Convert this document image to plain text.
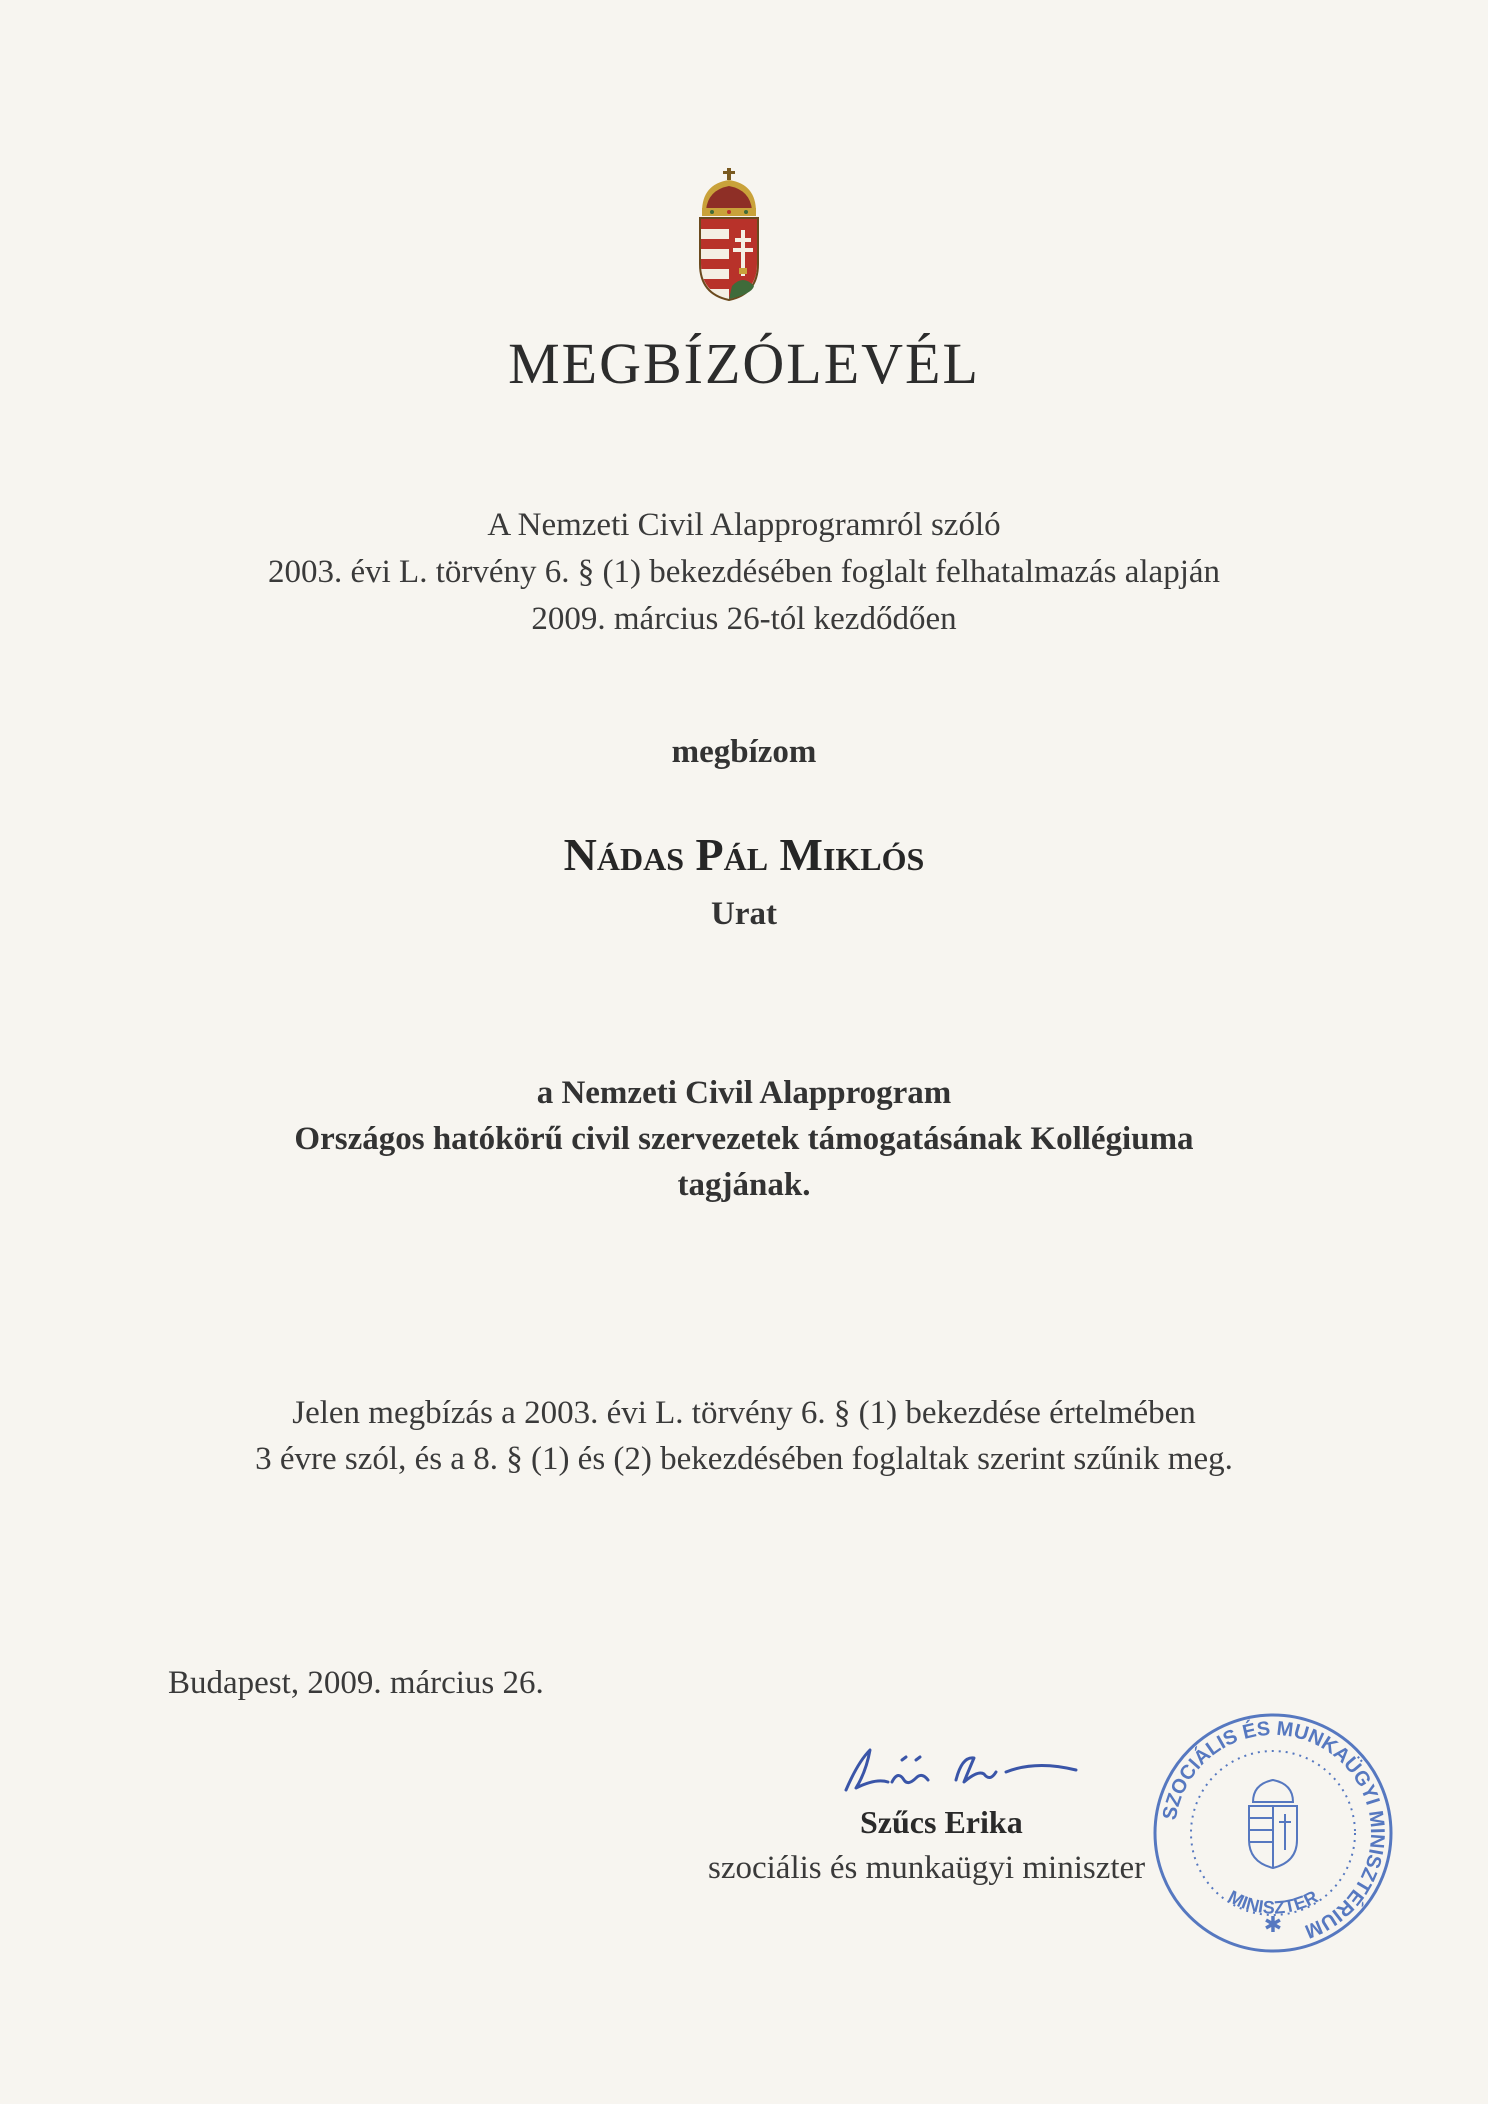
MEGBÍZÓLEVÉL
A Nemzeti Civil Alapprogramról szóló
2003. évi L. törvény 6. § (1) bekezdésében foglalt felhatalmazás alapján
2009. március 26-tól kezdődően
megbízom
Nádas Pál Miklós
Urat
a Nemzeti Civil Alapprogram
Országos hatókörű civil szervezetek támogatásának Kollégiuma
tagjának.
Jelen megbízás a 2003. évi L. törvény 6. § (1) bekezdése értelmében
3 évre szól, és a 8. § (1) és (2) bekezdésében foglaltak szerint szűnik meg.
Budapest, 2009. március 26.
Szűcs Erika
szociális és munkaügyi miniszter
SZOCIÁLIS ÉS MUNKAÜGYI MINISZTÉRIUM
MINISZTER
✱
